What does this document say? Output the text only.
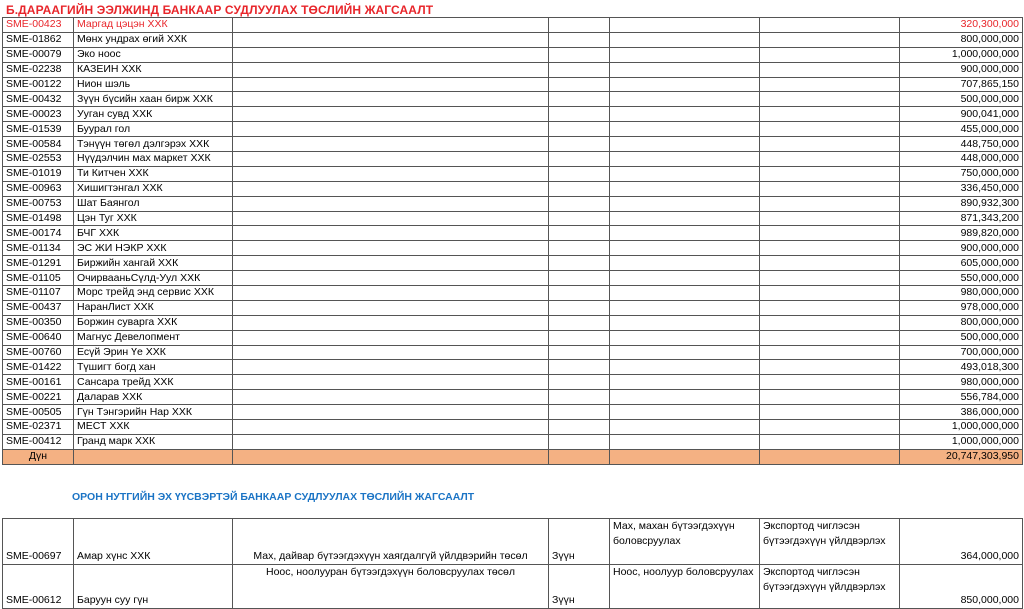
Б.ДАРААГИЙН ЭЭЛЖИНД БАНКААР СУДЛУУЛАХ ТӨСЛИЙН ЖАГСААЛТ
SME-00423	Маргад цэцэн ХХК					320,300,000
SME-01862	Мөнх ундрах өгий ХХК					800,000,000
SME-00079	Эко ноос					1,000,000,000
SME-02238	КАЗЕИН ХХК					900,000,000
SME-00122	Нион шэль					707,865,150
SME-00432	Зүүн бүсийн хаан бирж ХХК					500,000,000
SME-00023	Ууган сувд ХХК					900,041,000
SME-01539	Буурал гол					455,000,000
SME-00584	Тэнүүн төгөл дэлгэрэх ХХК					448,750,000
SME-02553	Нүүдэлчин мах маркет ХХК					448,000,000
SME-01019	Ти Китчен ХХК					750,000,000
SME-00963	Хишигтэнгал ХХК					336,450,000
SME-00753	Шат Баянгол					890,932,300
SME-01498	Цэн Туг ХХК					871,343,200
SME-00174	БЧГ ХХК					989,820,000
SME-01134	ЭС ЖИ НЭКР ХХК					900,000,000
SME-01291	Биржийн хангай ХХК					605,000,000
SME-01105	ОчирвааньСүлд-Уул ХХК					550,000,000
SME-01107	Морс трейд энд сервис ХХК					980,000,000
SME-00437	НаранЛист ХХК					978,000,000
SME-00350	Боржин суварга ХХК					800,000,000
SME-00640	Магнус Девелопмент					500,000,000
SME-00760	Есүй Эрин Үе ХХК					700,000,000
SME-01422	Түшигт богд хан					493,018,300
SME-00161	Сансара трейд ХХК					980,000,000
SME-00221	Даларав ХХК					556,784,000
SME-00505	Гүн Тэнгэрийн Нар ХХК					386,000,000
SME-02371	МЕСТ ХХК					1,000,000,000
SME-00412	Гранд марк ХХК					1,000,000,000
Дүн						20,747,303,950
ОРОН НУТГИЙН ЭХ ҮҮСВЭРТЭЙ БАНКААР СУДЛУУЛАХ ТӨСЛИЙН ЖАГСААЛТ
SME-00697	Амар хүнс ХХК	Мах, дайвар бүтээгдэхүүн хаягдалгүй үйлдвэрийн төсөл	Зүүн	Мах, махан бүтээгдэхүүн боловсруулах	Экспортод чиглэсэн бүтээгдэхүүн үйлдвэрлэх	364,000,000
SME-00612	Баруун суу гүн	Ноос, ноолууран бүтээгдэхүүн боловсруулах төсөл	Зүүн	Ноос, ноолуур боловсруулах	Экспортод чиглэсэн бүтээгдэхүүн үйлдвэрлэх	850,000,000
